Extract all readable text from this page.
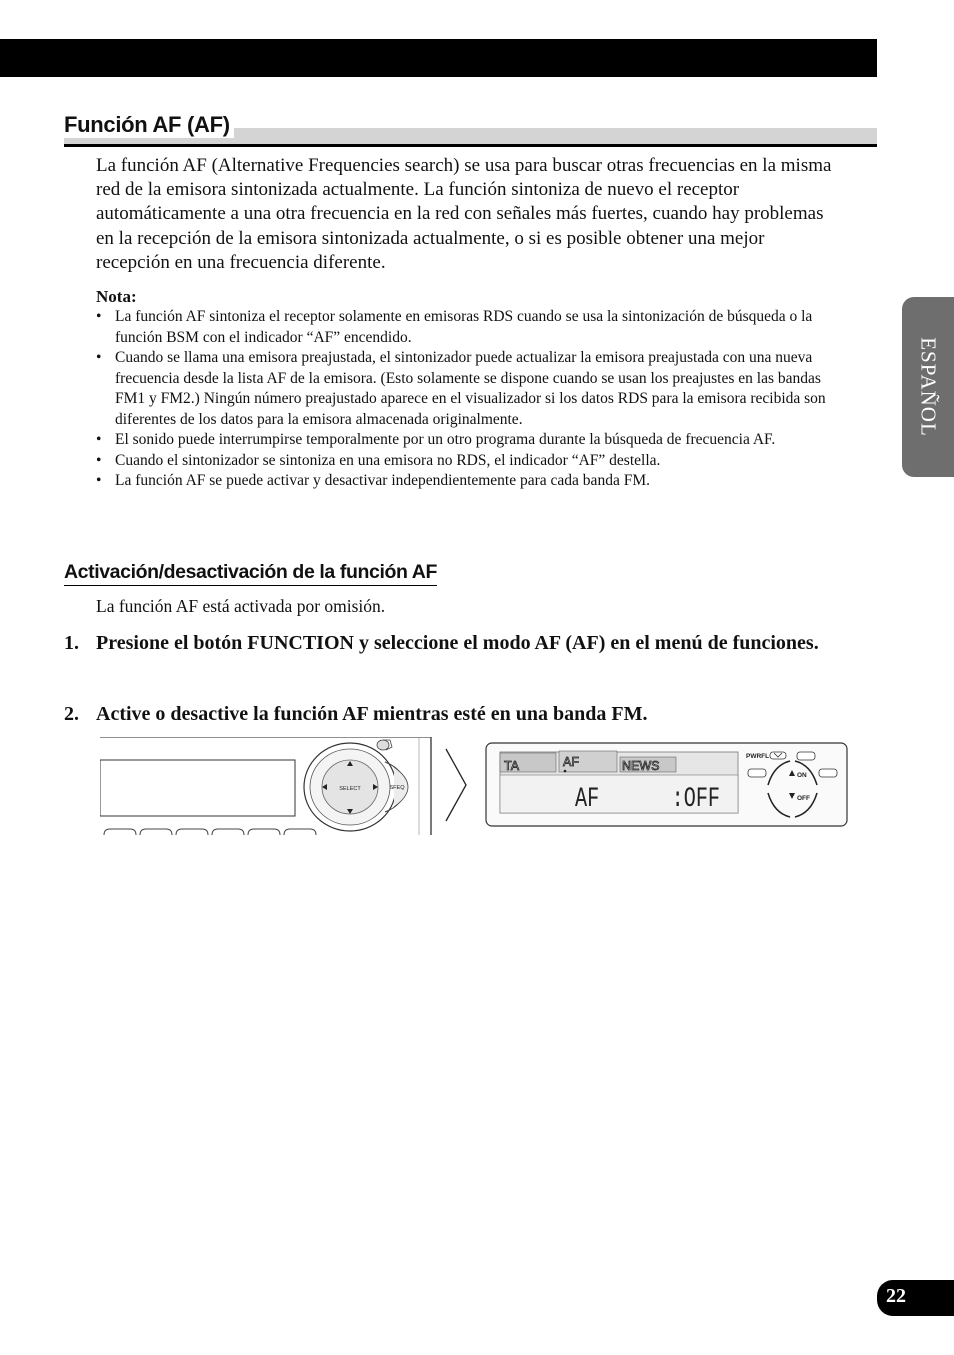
Función AF (AF)
La función AF (Alternative Frequencies search) se usa para buscar otras frecuencias en la misma red de la emisora sintonizada actualmente. La función sintoniza de nuevo el receptor automáticamente a una otra frecuencia en la red con señales más fuertes, cuando hay problemas en la recepción de la emisora sintonizada actualmente, o si es posible obtener una mejor recepción en una frecuencia diferente.
Nota:
• La función AF sintoniza el receptor solamente en emisoras RDS cuando se usa la sintonización de búsqueda o la función BSM con el indicador “AF” encendido.
• Cuando se llama una emisora preajustada, el sintonizador puede actualizar la emisora preajustada con una nueva frecuencia desde la lista AF de la emisora. (Esto solamente se dispone cuando se usan los preajustes en las bandas FM1 y FM2.) Ningún número preajustado aparece en el visualizador si los datos RDS para la emisora recibida son diferentes de los datos para la emisora almacenada originalmente.
• El sonido puede interrumpirse temporalmente por un otro programa durante la búsqueda de frecuencia AF.
• Cuando el sintonizador se sintoniza en una emisora no RDS, el indicador “AF” destella.
• La función AF se puede activar y desactivar independientemente para cada banda FM.
Activación/desactivación de la función AF
La función AF está activada por omisión.
1. Presione el botón FUNCTION y seleccione el modo AF (AF) en el menú de funciones.
2. Active o desactive la función AF mientras esté en una banda FM.
SELECT	SFEQ
TA	AF	NEWS
AF      :OFF
PWRFL
ON
OFF
ESPAÑOL
22
